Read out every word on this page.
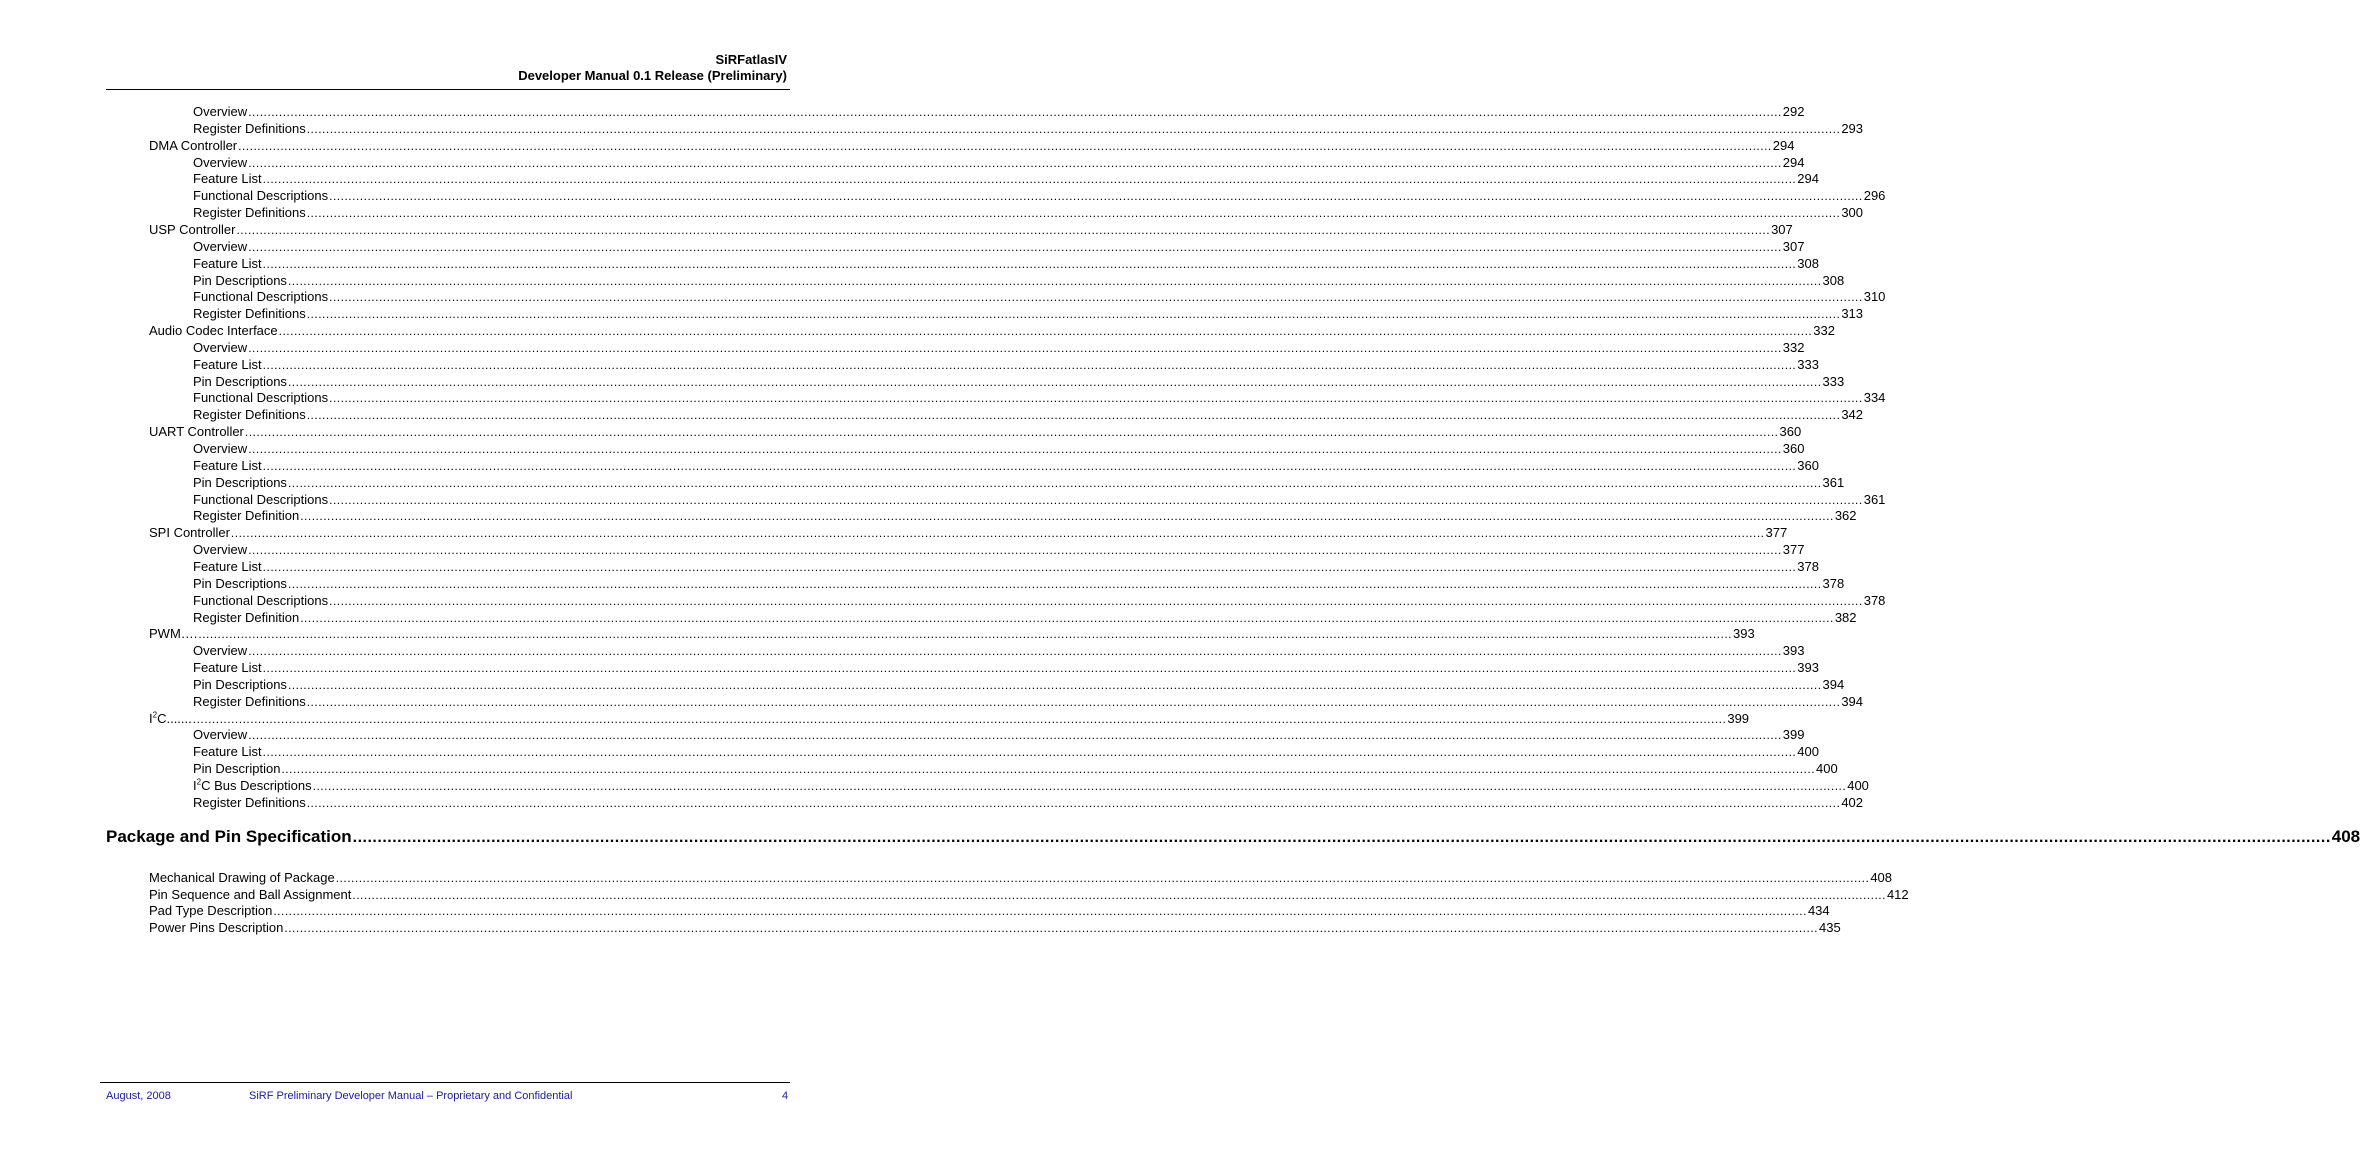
SiRFatlasIV
Developer Manual 0.1 Release (Preliminary)
Overview ................................................................................................................................................................................................................................................................................................................................................................................................................ 292
Register Definitions ................................................................................................................................................................................................................................................................................................................................................................................................................ 293
DMA Controller ................................................................................................................................................................................................................................................................................................................................................................................................................ 294
Overview ................................................................................................................................................................................................................................................................................................................................................................................................................ 294
Feature List ................................................................................................................................................................................................................................................................................................................................................................................................................ 294
Functional Descriptions ................................................................................................................................................................................................................................................................................................................................................................................................................ 296
Register Definitions ................................................................................................................................................................................................................................................................................................................................................................................................................ 300
USP Controller ................................................................................................................................................................................................................................................................................................................................................................................................................ 307
Overview ................................................................................................................................................................................................................................................................................................................................................................................................................ 307
Feature List ................................................................................................................................................................................................................................................................................................................................................................................................................ 308
Pin Descriptions ................................................................................................................................................................................................................................................................................................................................................................................................................ 308
Functional Descriptions ................................................................................................................................................................................................................................................................................................................................................................................................................ 310
Register Definitions ................................................................................................................................................................................................................................................................................................................................................................................................................ 313
Audio Codec Interface ................................................................................................................................................................................................................................................................................................................................................................................................................ 332
Overview ................................................................................................................................................................................................................................................................................................................................................................................................................ 332
Feature List ................................................................................................................................................................................................................................................................................................................................................................................................................ 333
Pin Descriptions ................................................................................................................................................................................................................................................................................................................................................................................................................ 333
Functional Descriptions ................................................................................................................................................................................................................................................................................................................................................................................................................ 334
Register Definitions ................................................................................................................................................................................................................................................................................................................................................................................................................ 342
UART Controller ................................................................................................................................................................................................................................................................................................................................................................................................................ 360
Overview ................................................................................................................................................................................................................................................................................................................................................................................................................ 360
Feature List ................................................................................................................................................................................................................................................................................................................................................................................................................ 360
Pin Descriptions ................................................................................................................................................................................................................................................................................................................................................................................................................ 361
Functional Descriptions ................................................................................................................................................................................................................................................................................................................................................................................................................ 361
Register Definition ................................................................................................................................................................................................................................................................................................................................................................................................................ 362
SPI Controller ................................................................................................................................................................................................................................................................................................................................................................................................................ 377
Overview ................................................................................................................................................................................................................................................................................................................................................................................................................ 377
Feature List ................................................................................................................................................................................................................................................................................................................................................................................................................ 378
Pin Descriptions ................................................................................................................................................................................................................................................................................................................................................................................................................ 378
Functional Descriptions ................................................................................................................................................................................................................................................................................................................................................................................................................ 378
Register Definition ................................................................................................................................................................................................................................................................................................................................................................................................................ 382
PWM…. ................................................................................................................................................................................................................................................................................................................................................................................................................ 393
Overview ................................................................................................................................................................................................................................................................................................................................................................................................................ 393
Feature List ................................................................................................................................................................................................................................................................................................................................................................................................................ 393
Pin Descriptions ................................................................................................................................................................................................................................................................................................................................................................................................................ 394
Register Definitions ................................................................................................................................................................................................................................................................................................................................................................................................................ 394
$I^2C$....... ................................................................................................................................................................................................................................................................................................................................................................................................................ 399
Overview ................................................................................................................................................................................................................................................................................................................................................................................................................ 399
Feature List ................................................................................................................................................................................................................................................................................................................................................................................................................ 400
Pin Description ................................................................................................................................................................................................................................................................................................................................................................................................................ 400
$I^2C$ Bus Descriptions ................................................................................................................................................................................................................................................................................................................................................................................................................ 400
Register Definitions ................................................................................................................................................................................................................................................................................................................................................................................................................ 402
Package and Pin Specification ................................................................................................................................................................................................................................................................................................................................................................................................................ 408
Mechanical Drawing of Package ................................................................................................................................................................................................................................................................................................................................................................................................................ 408
Pin Sequence and Ball Assignment ................................................................................................................................................................................................................................................................................................................................................................................................................ 412
Pad Type Description ................................................................................................................................................................................................................................................................................................................................................................................................................ 434
Power Pins Description ................................................................................................................................................................................................................................................................................................................................................................................................................ 435
August, 2008	SiRF Preliminary Developer Manual – Proprietary and Confidential	4
